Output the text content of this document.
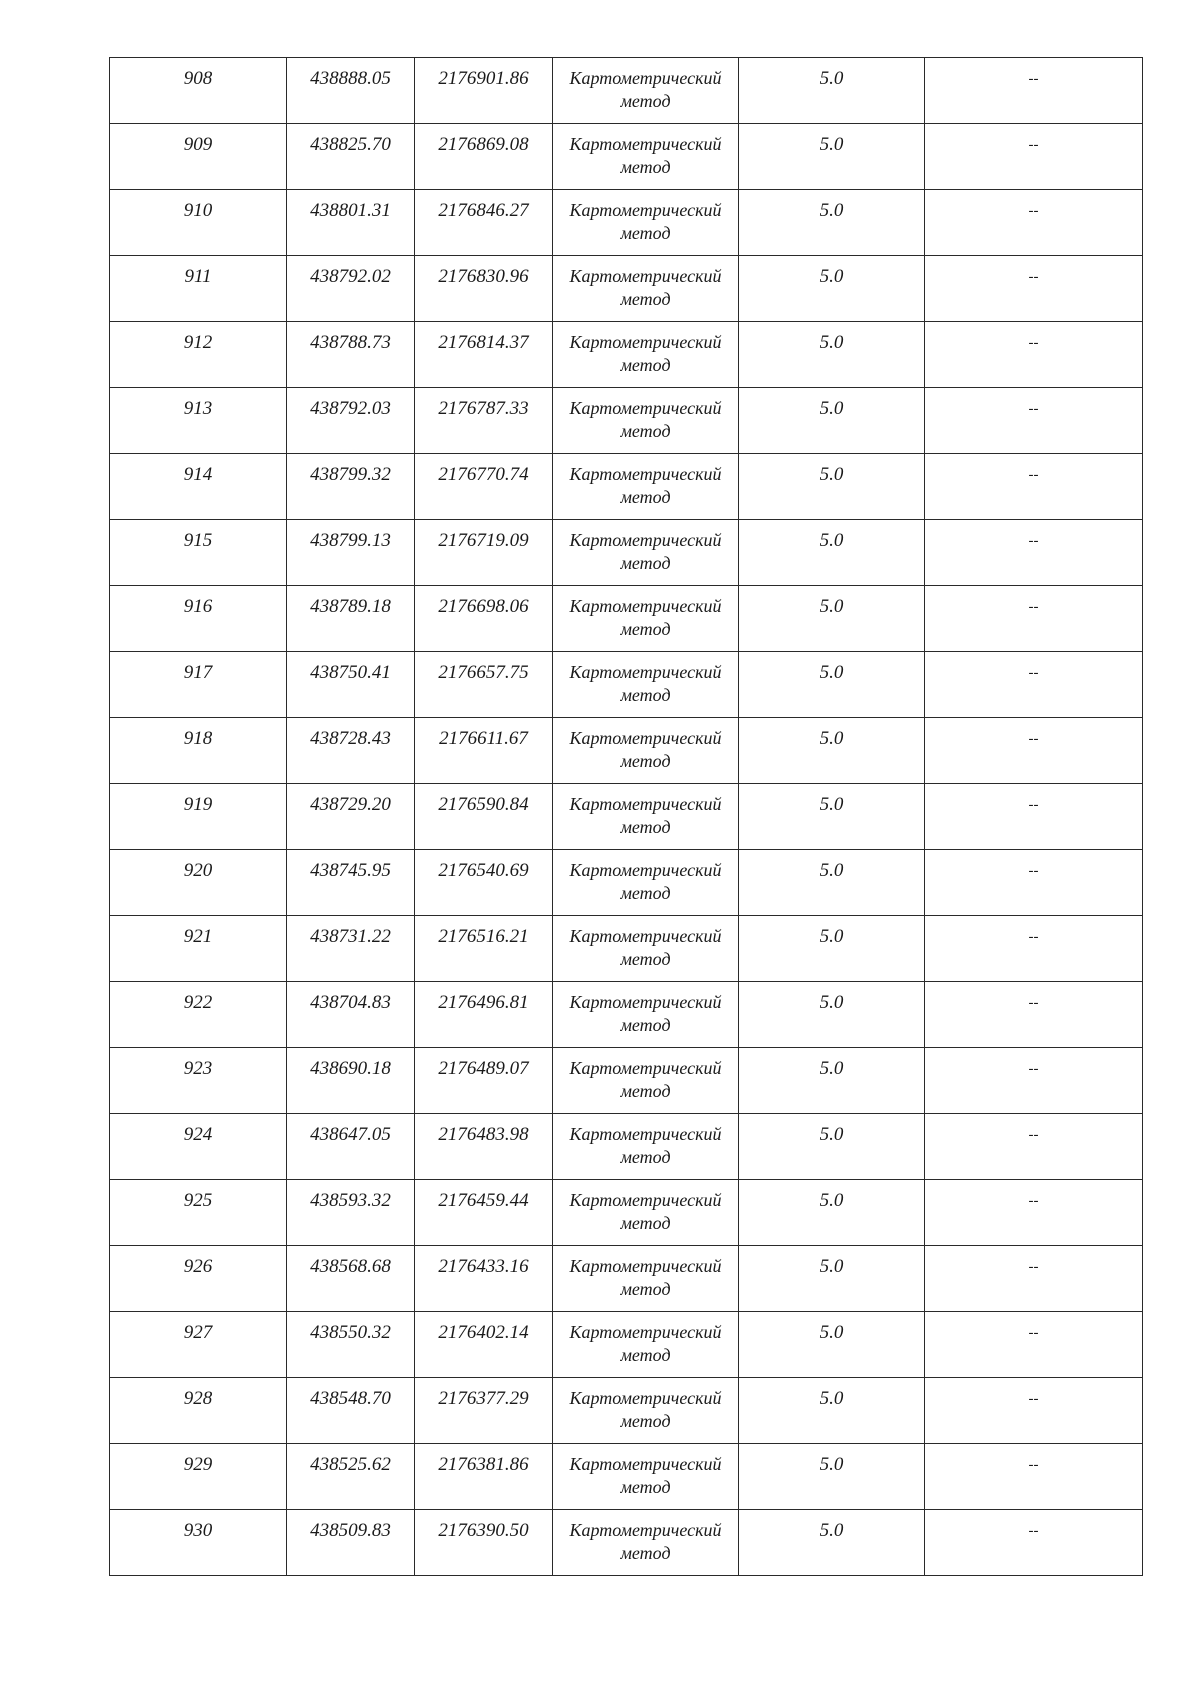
908	438888.05	2176901.86	Картометрический
метод	5.0	--
909	438825.70	2176869.08	Картометрический
метод	5.0	--
910	438801.31	2176846.27	Картометрический
метод	5.0	--
911	438792.02	2176830.96	Картометрический
метод	5.0	--
912	438788.73	2176814.37	Картометрический
метод	5.0	--
913	438792.03	2176787.33	Картометрический
метод	5.0	--
914	438799.32	2176770.74	Картометрический
метод	5.0	--
915	438799.13	2176719.09	Картометрический
метод	5.0	--
916	438789.18	2176698.06	Картометрический
метод	5.0	--
917	438750.41	2176657.75	Картометрический
метод	5.0	--
918	438728.43	2176611.67	Картометрический
метод	5.0	--
919	438729.20	2176590.84	Картометрический
метод	5.0	--
920	438745.95	2176540.69	Картометрический
метод	5.0	--
921	438731.22	2176516.21	Картометрический
метод	5.0	--
922	438704.83	2176496.81	Картометрический
метод	5.0	--
923	438690.18	2176489.07	Картометрический
метод	5.0	--
924	438647.05	2176483.98	Картометрический
метод	5.0	--
925	438593.32	2176459.44	Картометрический
метод	5.0	--
926	438568.68	2176433.16	Картометрический
метод	5.0	--
927	438550.32	2176402.14	Картометрический
метод	5.0	--
928	438548.70	2176377.29	Картометрический
метод	5.0	--
929	438525.62	2176381.86	Картометрический
метод	5.0	--
930	438509.83	2176390.50	Картометрический
метод	5.0	--
